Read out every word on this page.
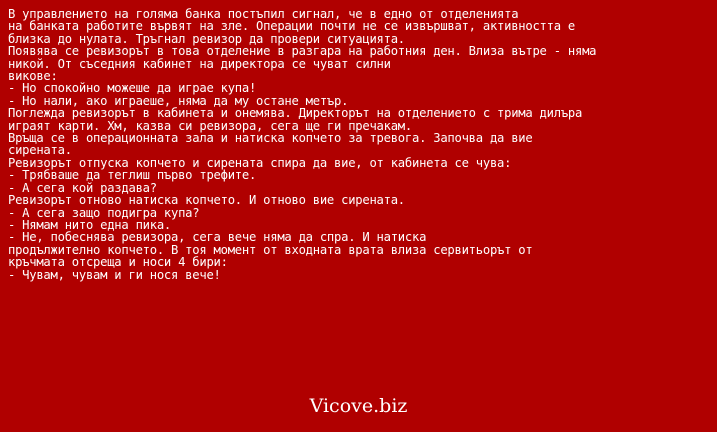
В управлението на голяма банка постъпил сигнал, че в едно от отделенията
на банката работите вървят на зле. Операции почти не се извършват, активността е
близка до нулата. Тръгнал ревизор да провери ситуацията.
Появява се ревизорът в това отделение в разгара на работния ден. Влиза вътре - няма
никой. От съседния кабинет на директора се чуват силни
викове:
- Но спокойно можеше да играе купа!
- Но нали, ако играеше, няма да му остане метър.
Поглежда ревизорът в кабинета и онемява. Директорът на отделението с трима дилъра
играят карти. Хм, казва си ревизора, сега ще ги пречакам.
Връща се в операционната зала и натиска копчето за тревога. Започва да вие
сирената.
Ревизорът отпуска копчето и сирената спира да вие, от кабинета се чува:
- Трябваше да теглиш първо трефите.
- А сега кой раздава?
Ревизорът отново натиска копчето. И отново вие сирената.
- А сега защо подигра купа?
- Нямам нито една пика.
- Не, побеснява ревизора, сега вече няма да спра. И натиска
продължително копчето. В тоя момент от входната врата влиза сервитьорът от
кръчмата отсреща и носи 4 бири:
- Чувам, чувам и ги нося вече!
Vicove.biz
